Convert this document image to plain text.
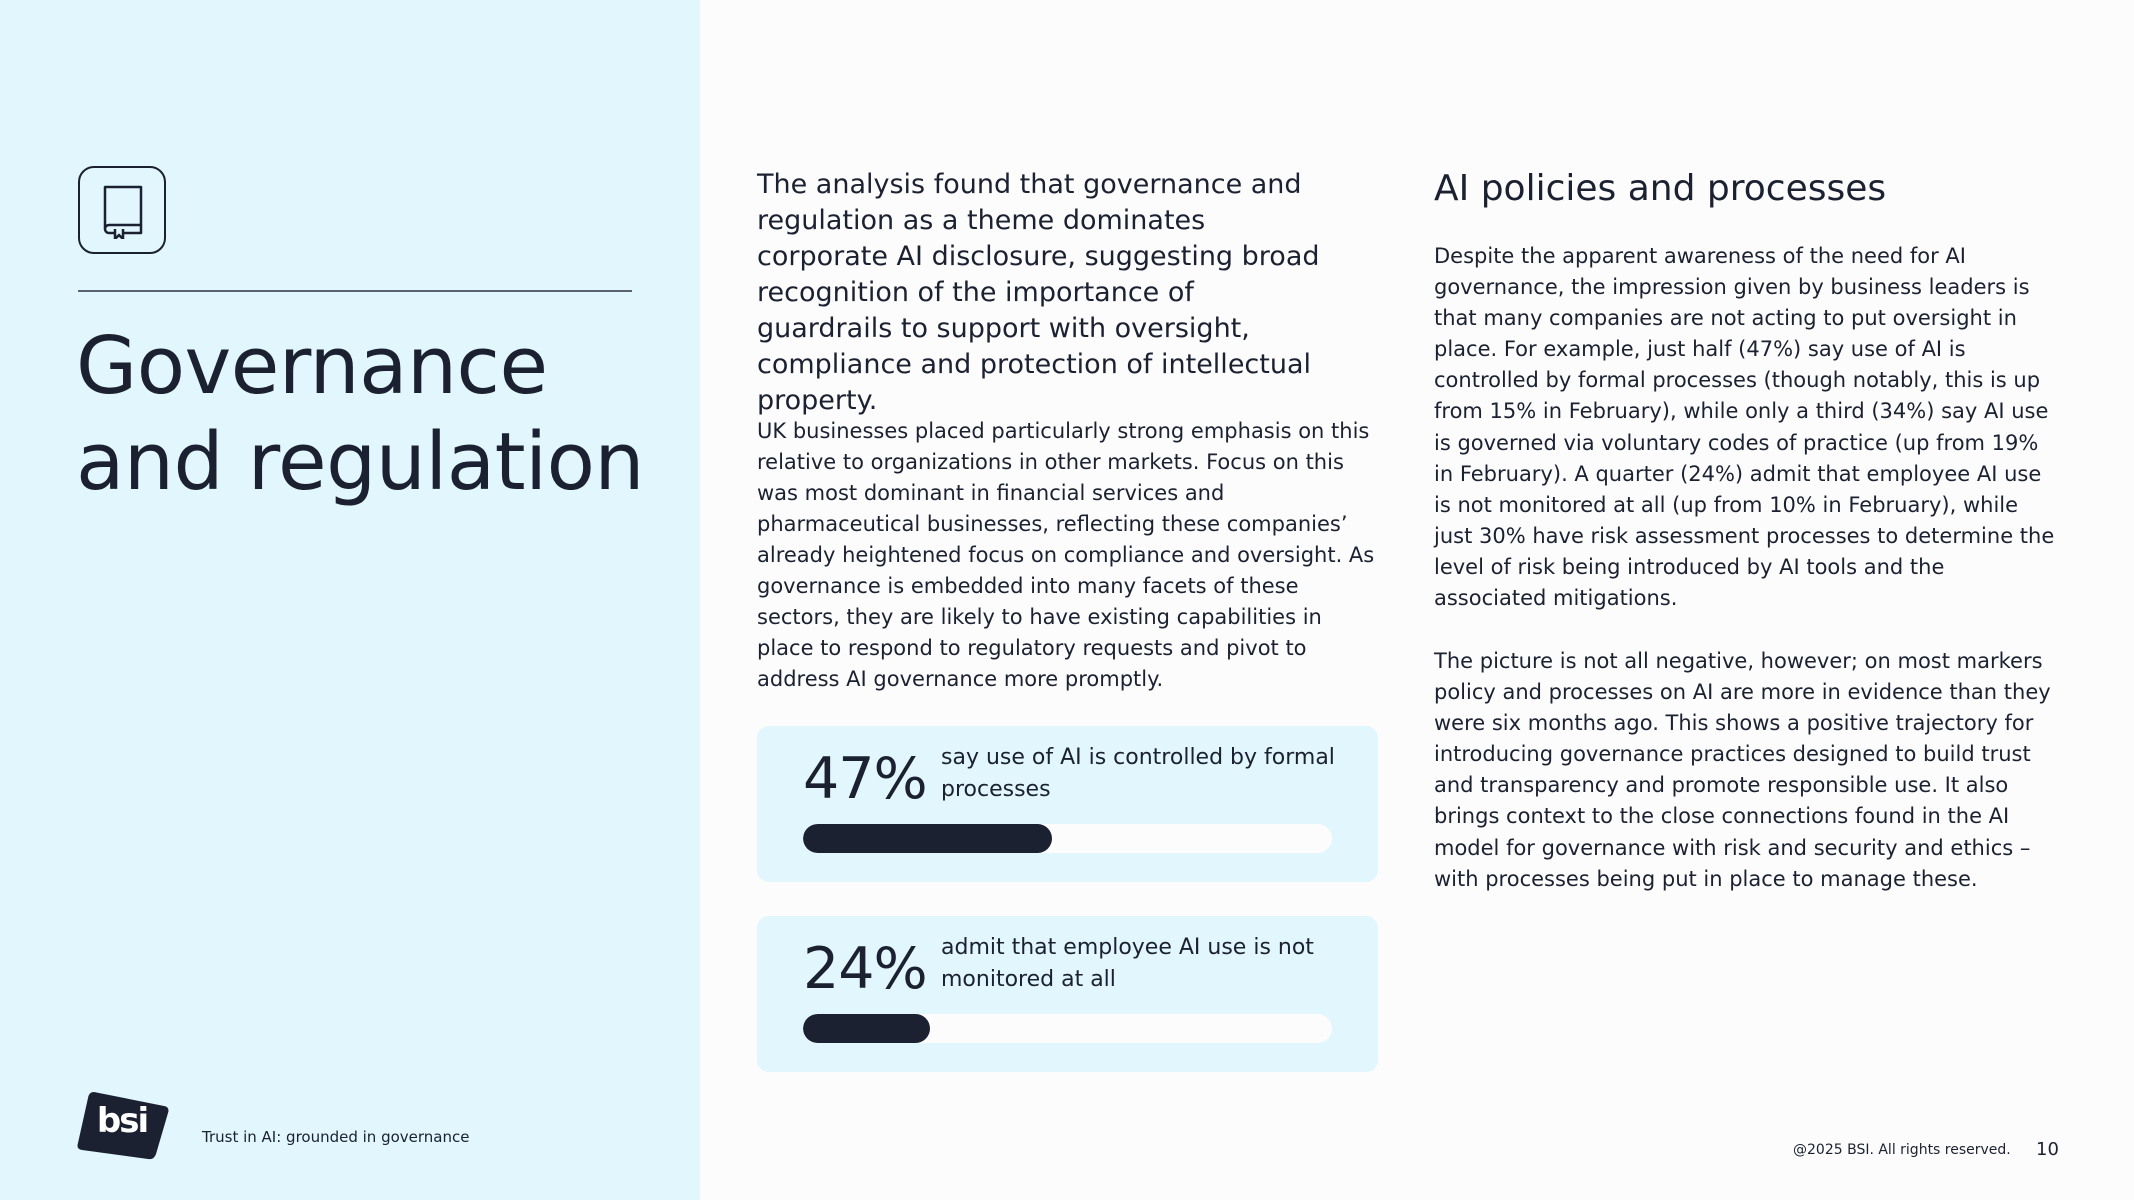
Governance
and regulation
bsi	Trust in AI: grounded in governance

The analysis found that governance and regulation as a theme dominates corporate AI disclosure, suggesting broad recognition of the importance of guardrails to support with oversight, compliance and protection of intellectual property.

UK businesses placed particularly strong emphasis on this relative to organizations in other markets. Focus on this was most dominant in financial services and pharmaceutical businesses, reflecting these companies’ already heightened focus on compliance and oversight. As governance is embedded into many facets of these sectors, they are likely to have existing capabilities in place to respond to regulatory requests and pivot to address AI governance more promptly.

47% say use of AI is controlled by formal processes
24% admit that employee AI use is not monitored at all
AI policies and processes

Despite the apparent awareness of the need for AI governance, the impression given by business leaders is that many companies are not acting to put oversight in place. For example, just half (47%) say use of AI is controlled by formal processes (though notably, this is up from 15% in February), while only a third (34%) say AI use is governed via voluntary codes of practice (up from 19% in February). A quarter (24%) admit that employee AI use is not monitored at all (up from 10% in February), while just 30% have risk assessment processes to determine the level of risk being introduced by AI tools and the associated mitigations.

The picture is not all negative, however; on most markers policy and processes on AI are more in evidence than they were six months ago. This shows a positive trajectory for introducing governance practices designed to build trust and transparency and promote responsible use. It also brings context to the close connections found in the AI model for governance with risk and security and ethics – with processes being put in place to manage these.

@2025 BSI. All rights reserved. 10
